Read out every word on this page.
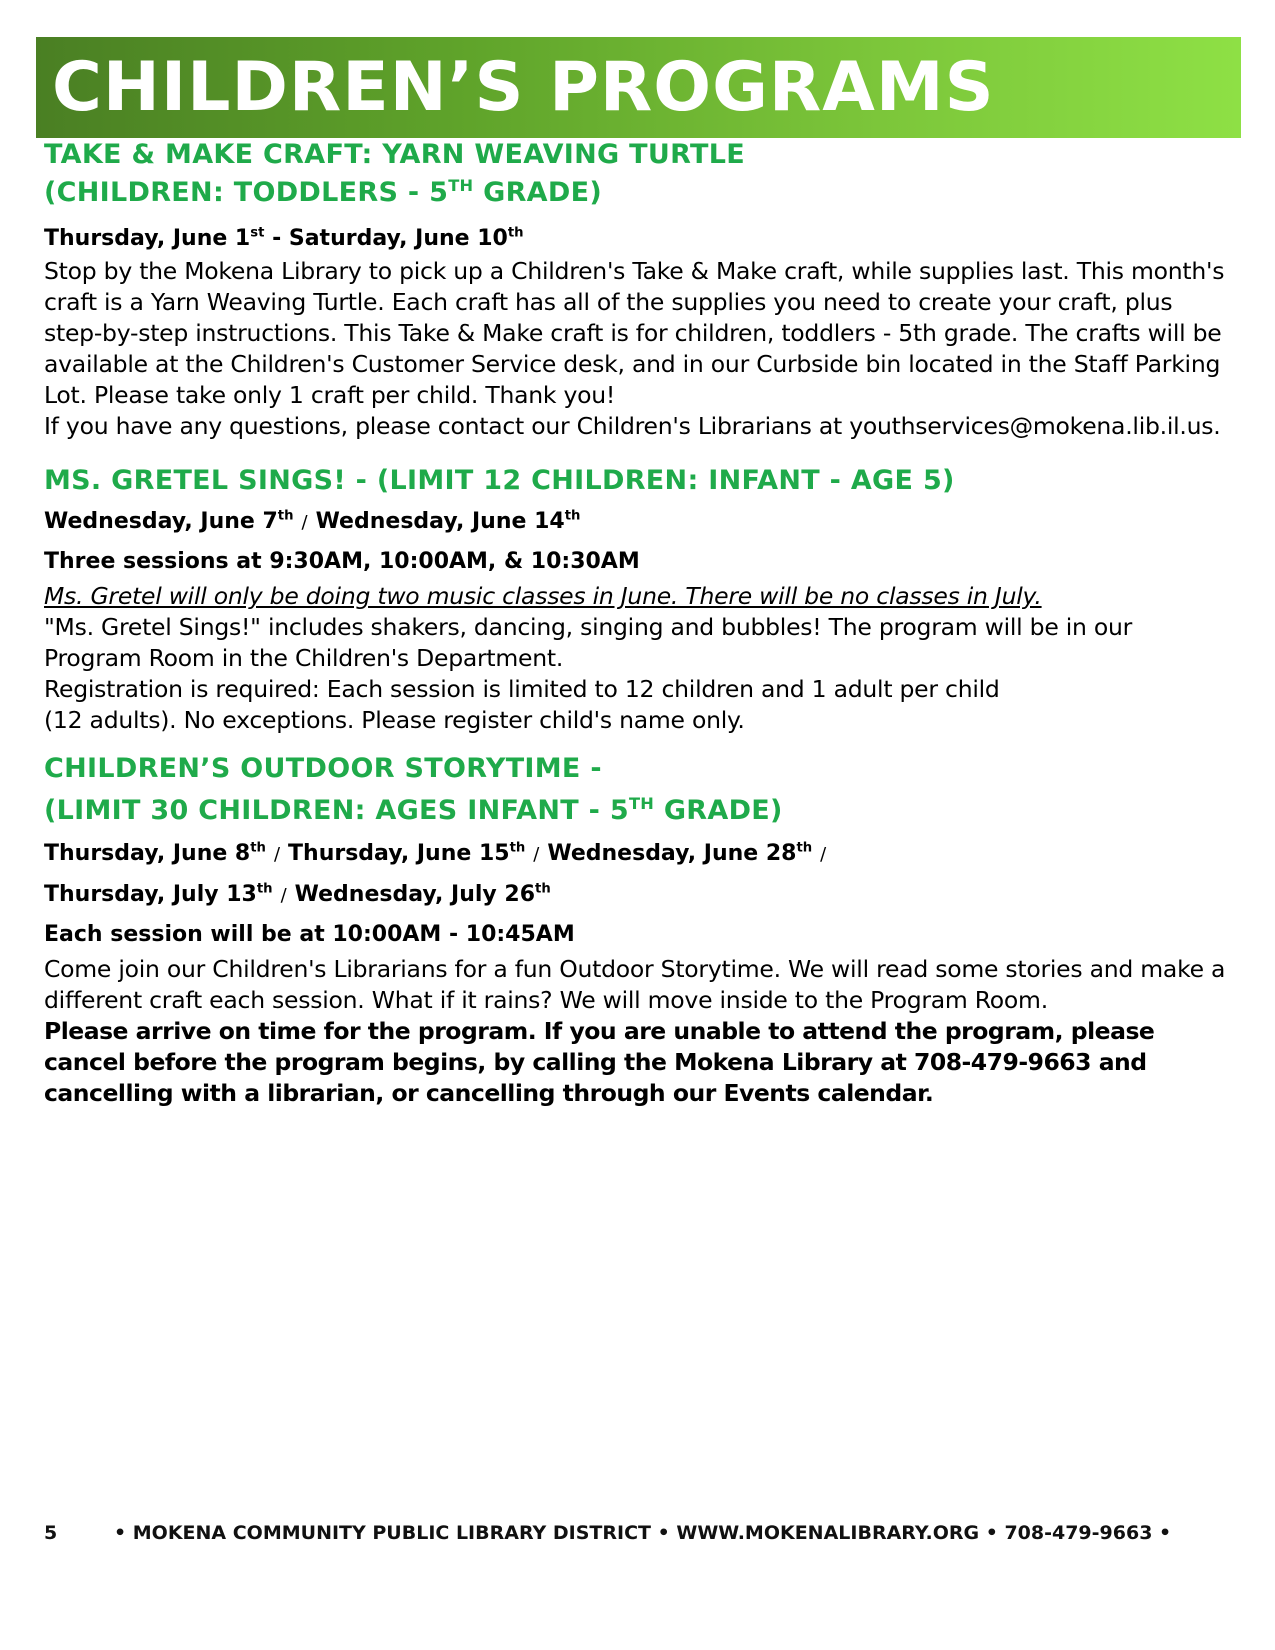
CHILDREN’S PROGRAMS

TAKE & MAKE CRAFT: YARN WEAVING TURTLE

(CHILDREN: TODDLERS - 5TH GRADE)

Thursday, June 1st - Saturday, June 10th

Stop by the Mokena Library to pick up a Children's Take & Make craft, while supplies last. This month's craft is a Yarn Weaving Turtle. Each craft has all of the supplies you need to create your craft, plus step-by-step instructions. This Take & Make craft is for children, toddlers - 5th grade. The crafts will be available at the Children's Customer Service desk, and in our Curbside bin located in the Staff Parking Lot. Please take only 1 craft per child. Thank you!

If you have any questions, please contact our Children's Librarians at youthservices@mokena.lib.il.us.

MS. GRETEL SINGS! - (LIMIT 12 CHILDREN: INFANT - AGE 5)

Wednesday, June 7th / Wednesday, June 14th

Three sessions at 9:30AM, 10:00AM, & 10:30AM

Ms. Gretel will only be doing two music classes in June. There will be no classes in July.

"Ms. Gretel Sings!" includes shakers, dancing, singing and bubbles! The program will be in our Program Room in the Children's Department.

Registration is required: Each session is limited to 12 children and 1 adult per child

(12 adults). No exceptions. Please register child's name only.

CHILDREN’S OUTDOOR STORYTIME -

(LIMIT 30 CHILDREN: AGES INFANT - 5TH GRADE)

Thursday, June 8th / Thursday, June 15th / Wednesday, June 28th /

Thursday, July 13th / Wednesday, July 26th

Each session will be at 10:00AM - 10:45AM

Come join our Children's Librarians for a fun Outdoor Storytime. We will read some stories and make a different craft each session. What if it rains? We will move inside to the Program Room.

Please arrive on time for the program. If you are unable to attend the program, please cancel before the program begins, by calling the Mokena Library at 708-479-9663 and cancelling with a librarian, or cancelling through our Events calendar.

5	• MOKENA COMMUNITY PUBLIC LIBRARY DISTRICT • WWW.MOKENALIBRARY.ORG • 708-479-9663 •
